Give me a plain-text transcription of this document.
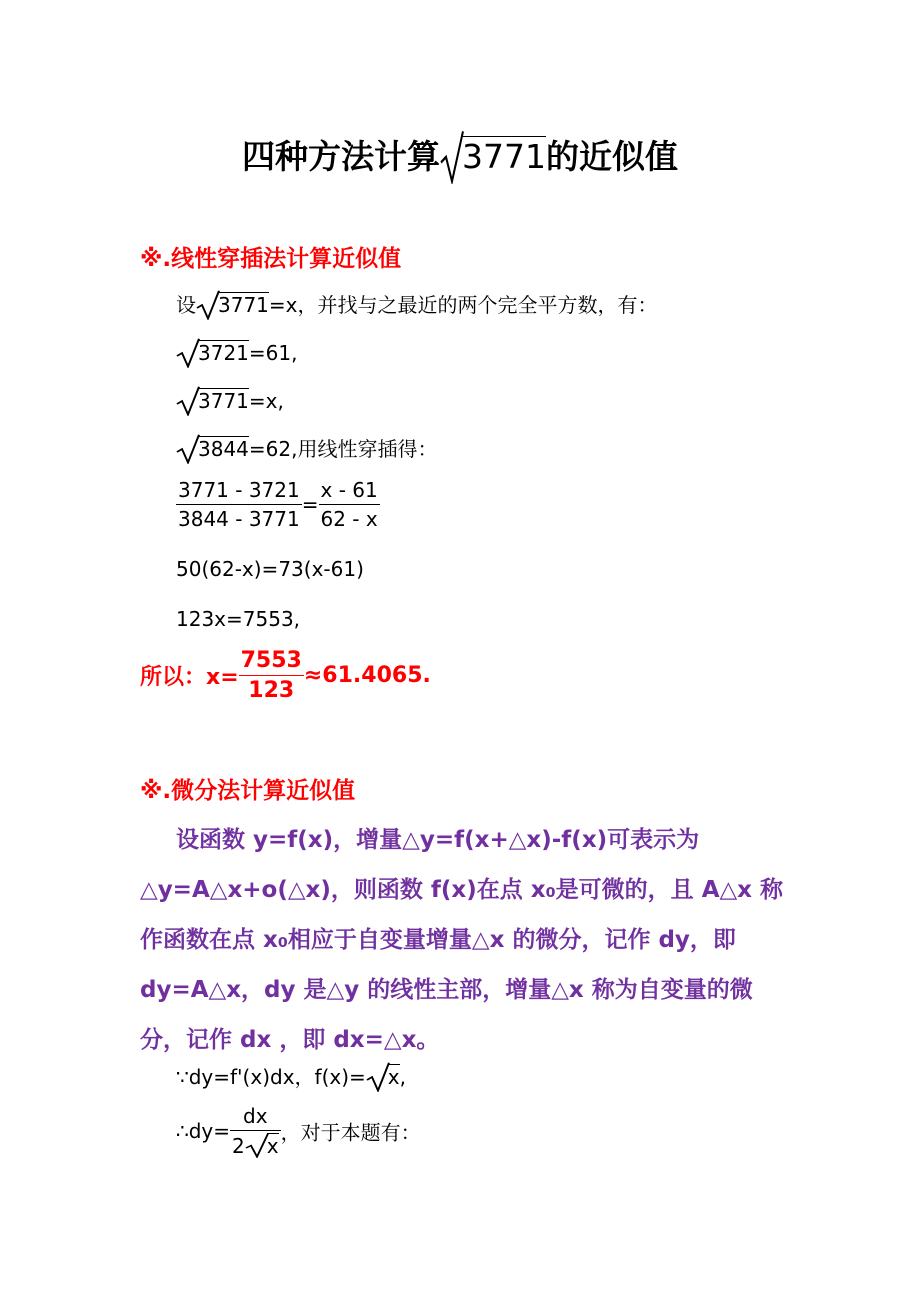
四种方法计算 3771的近似值
※.线性穿插法计算近似值
设 3771=x，并找与之最近的两个完全平方数，有：
3721=61,
3771=x,
3844=62,用线性穿插得：
$\frac{3771 - 3721}{3844 - 3771} = \frac{x - 61}{62 - x}$
50(62-x)=73(x-61)
123x=7553,
所以：$x= \frac{7553}{123} \approx 61.4065$.
※.微分法计算近似值
设函数 y=f(x)，增量△y=f(x+△x)-f(x)可表示为△y=A△x+o(△x)，则函数 f(x)在点 x₀是可微的，且 A△x 称作函数在点 x₀相应于自变量增量△x 的微分，记作 dy，即 dy=A△x，dy 是△y 的线性主部，增量△x 称为自变量的微分，记作 dx ，即 dx=△x。
∵dy=f'(x)dx，f(x)= x,
∴dy= $\frac{dx}{2 x}$ ，对于本题有：
